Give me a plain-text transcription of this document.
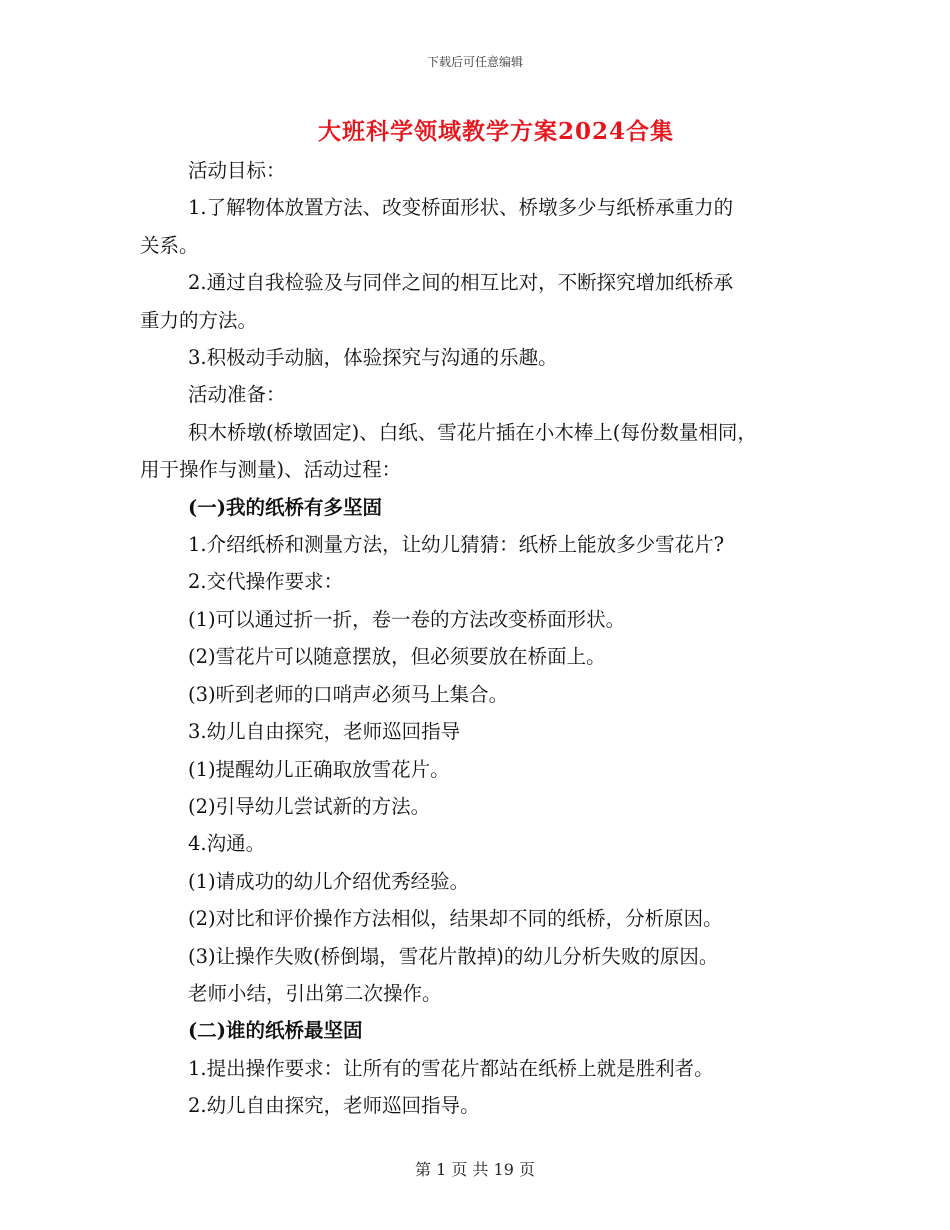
下载后可任意编辑
大班科学领域教学方案2024合集

活动目标：

1.了解物体放置方法、改变桥面形状、桥墩多少与纸桥承重力的

关系。

2.通过自我检验及与同伴之间的相互比对，不断探究增加纸桥承

重力的方法。

3.积极动手动脑，体验探究与沟通的乐趣。

活动准备：

积木桥墩(桥墩固定)、白纸、雪花片插在小木棒上(每份数量相同，

用于操作与测量)、活动过程：

(一)我的纸桥有多坚固

1.介绍纸桥和测量方法，让幼儿猜猜：纸桥上能放多少雪花片?

2.交代操作要求：

(1)可以通过折一折，卷一卷的方法改变桥面形状。

(2)雪花片可以随意摆放，但必须要放在桥面上。

(3)听到老师的口哨声必须马上集合。

3.幼儿自由探究，老师巡回指导

(1)提醒幼儿正确取放雪花片。

(2)引导幼儿尝试新的方法。

4.沟通。

(1)请成功的幼儿介绍优秀经验。

(2)对比和评价操作方法相似，结果却不同的纸桥，分析原因。

(3)让操作失败(桥倒塌，雪花片散掉)的幼儿分析失败的原因。

老师小结，引出第二次操作。

(二)谁的纸桥最坚固

1.提出操作要求：让所有的雪花片都站在纸桥上就是胜利者。

2.幼儿自由探究，老师巡回指导。

第 1 页 共 19 页
